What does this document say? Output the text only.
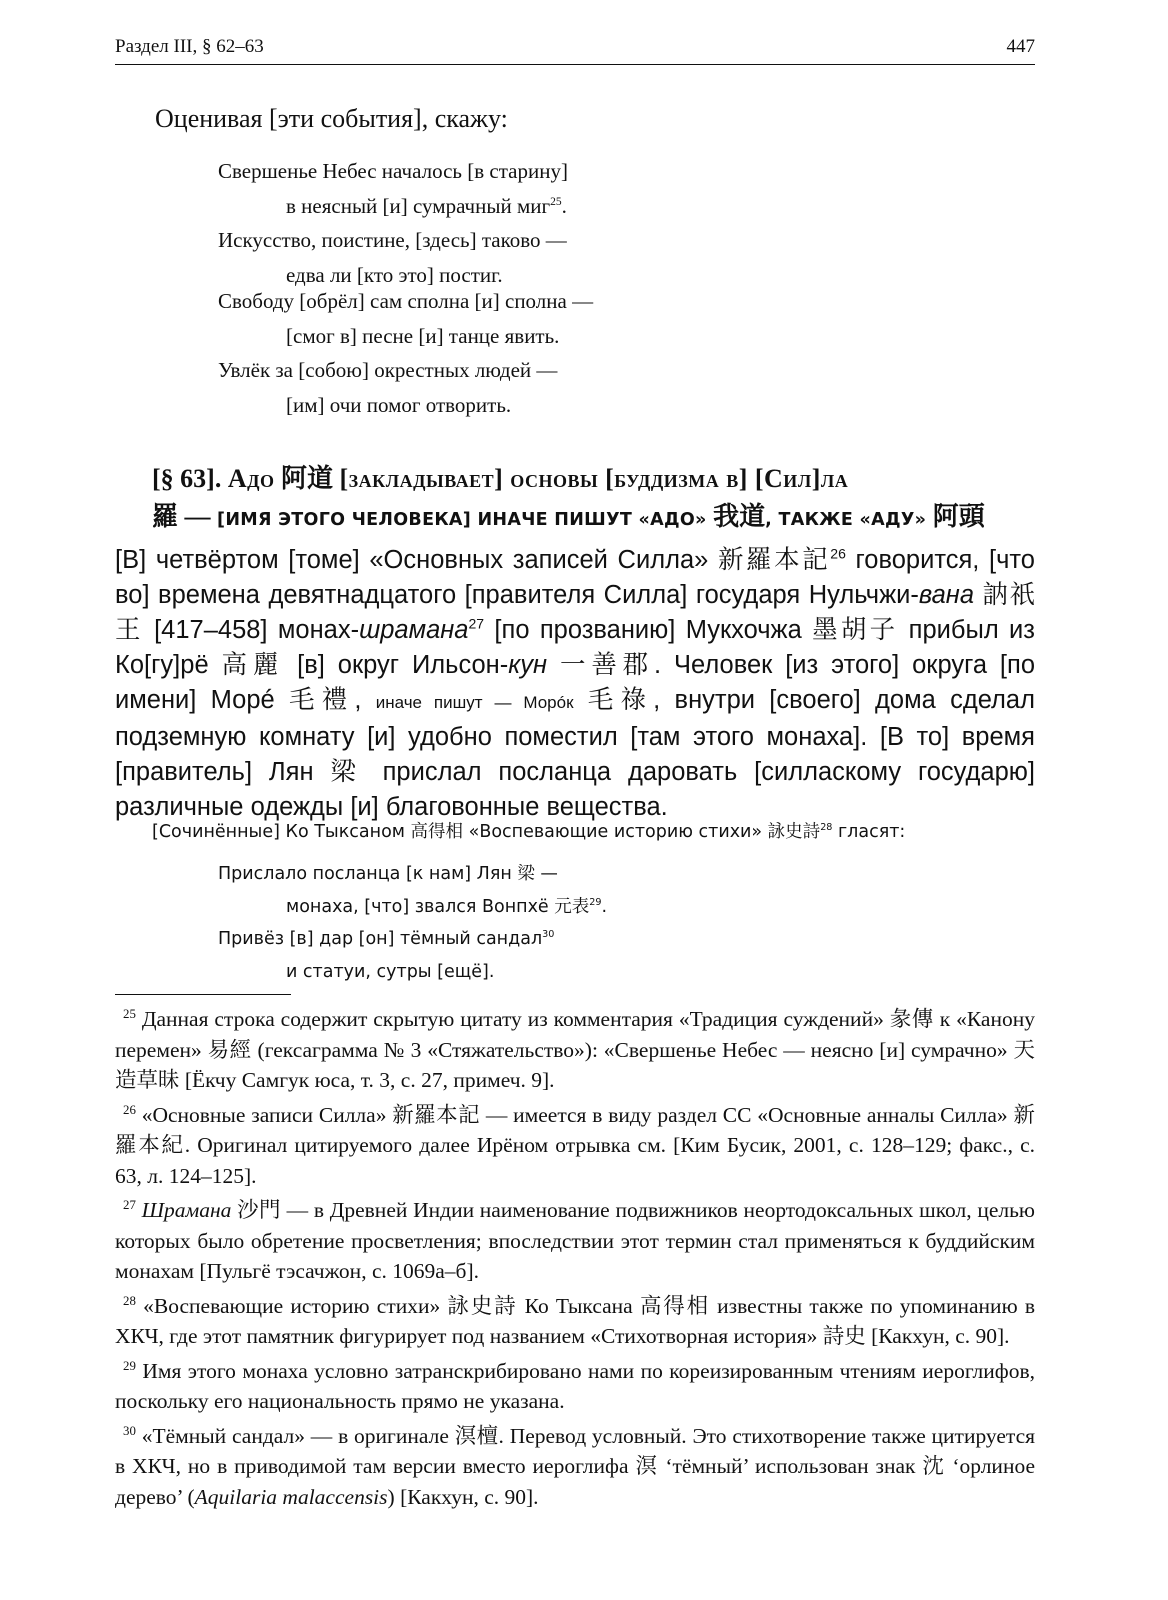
Раздел III, § 62–63	447
Оценивая [эти события], скажу:
Свершенье Небес началось [в старину]
в неясный [и] сумрачный миг$^{25}$.
Искусство, поистине, [здесь] таково —
едва ли [кто это] постиг.
Свободу [обрёл] сам сполна [и] сполна —
[смог в] песне [и] танце явить.
Увлёк за [собою] окрестных людей —
[им] очи помог отворить.
[§ 63]. Адо 阿道 [закладывает] основы [буддизма в] [Сил]ла
羅 — [ИМЯ ЭТОГО ЧЕЛОВЕКА] ИНАЧЕ ПИШУТ «АДО» 我道, ТАКЖЕ «АДУ» 阿頭
[В] четвёртом [томе] «Основных записей Силла» 新羅本記$^{26}$ говорится, [что во] времена девятнадцатого [правителя Силла] государя Нульчжи-вана 訥祇王 [417–458] монах-шрамана$^{27}$ [по прозванию] Мукхочжа 墨胡子 прибыл из Ко[гу]рё 高麗 [в] округ Ильсон-кун 一善郡. Человек [из этого] округа [по имени] Морé 毛禮, иначе пишут — Морóк 毛祿, внутри [своего] дома сделал подземную комнату [и] удобно поместил [там этого монаха]. [В то] время [правитель] Лян 梁 прислал посланца даровать [силласкому государю] различные одежды [и] благовонные вещества.
[Сочинённые] Ко Тыксаном 高得相 «Воспевающие историю стихи» 詠史詩$^{28}$ гласят:
Прислало посланца [к нам] Лян 梁 —
монаха, [что] звался Вонпхё 元表$^{29}$.
Привёз [в] дар [он] тёмный сандал$^{30}$
и статуи, сутры [ещё].

$^{25}$ Данная строка содержит скрытую цитату из комментария «Традиция суждений» 彖傳 к «Канону перемен» 易經 (гексаграмма № 3 «Стяжательство»): «Свершенье Небес — неясно [и] сумрачно» 天造草昧 [Ёкчу Самгук юса, т. 3, с. 27, примеч. 9].

$^{26}$ «Основные записи Силла» 新羅本記 — имеется в виду раздел СС «Основные анналы Силла» 新羅本紀. Оригинал цитируемого далее Ирёном отрывка см. [Ким Бусик, 2001, с. 128–129; факс., с. 63, л. 124–125].

$^{27}$ Шрамана 沙門 — в Древней Индии наименование подвижников неортодоксальных школ, целью которых было обретение просветления; впоследствии этот термин стал применяться к буддийским монахам [Пульгё тэсачжон, с. 1069а–б].

$^{28}$ «Воспевающие историю стихи» 詠史詩 Ко Тыксана 高得相 известны также по упоминанию в ХКЧ, где этот памятник фигурирует под названием «Стихотворная история» 詩史 [Какхун, с. 90].

$^{29}$ Имя этого монаха условно затранскрибировано нами по кореизированным чтениям иероглифов, поскольку его национальность прямо не указана.

$^{30}$ «Тёмный сандал» — в оригинале 溟檀. Перевод условный. Это стихотворение также цитируется в ХКЧ, но в приводимой там версии вместо иероглифа 溟 ‘тёмный’ использован знак 沈 ‘орлиное дерево’ (Aquilaria malaccensis) [Какхун, с. 90].
